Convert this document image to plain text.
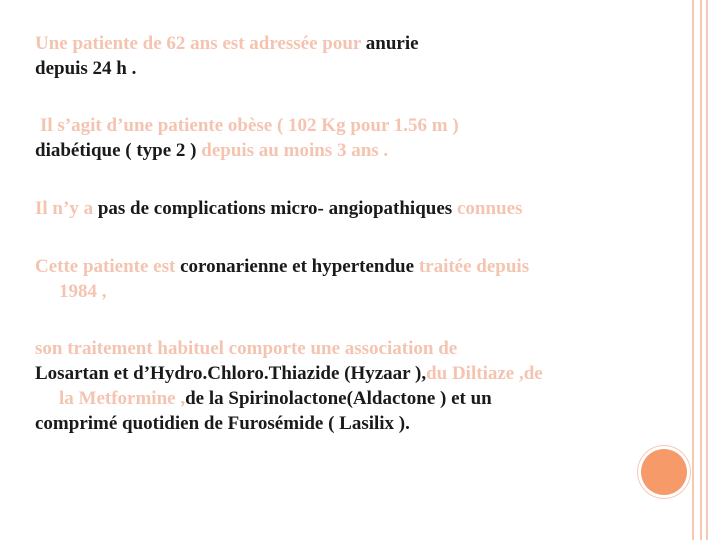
Une patiente de 62 ans est adressée pour anurie
depuis 24 h .

Il s’agit d’une patiente obèse ( 102 Kg pour 1.56 m )
diabétique ( type 2 ) depuis au moins 3 ans .

Il n’y a pas de complications micro- angiopathiques connues

Cette patiente est coronarienne et hypertendue traitée depuis
1984 ,

son traitement habituel comporte une association de
Losartan et d’Hydro.Chloro.Thiazide (Hyzaar ),du Diltiaze ,de
la Metformine ,de la Spirinolactone(Aldactone ) et un
comprimé quotidien de Furosémide ( Lasilix ).
